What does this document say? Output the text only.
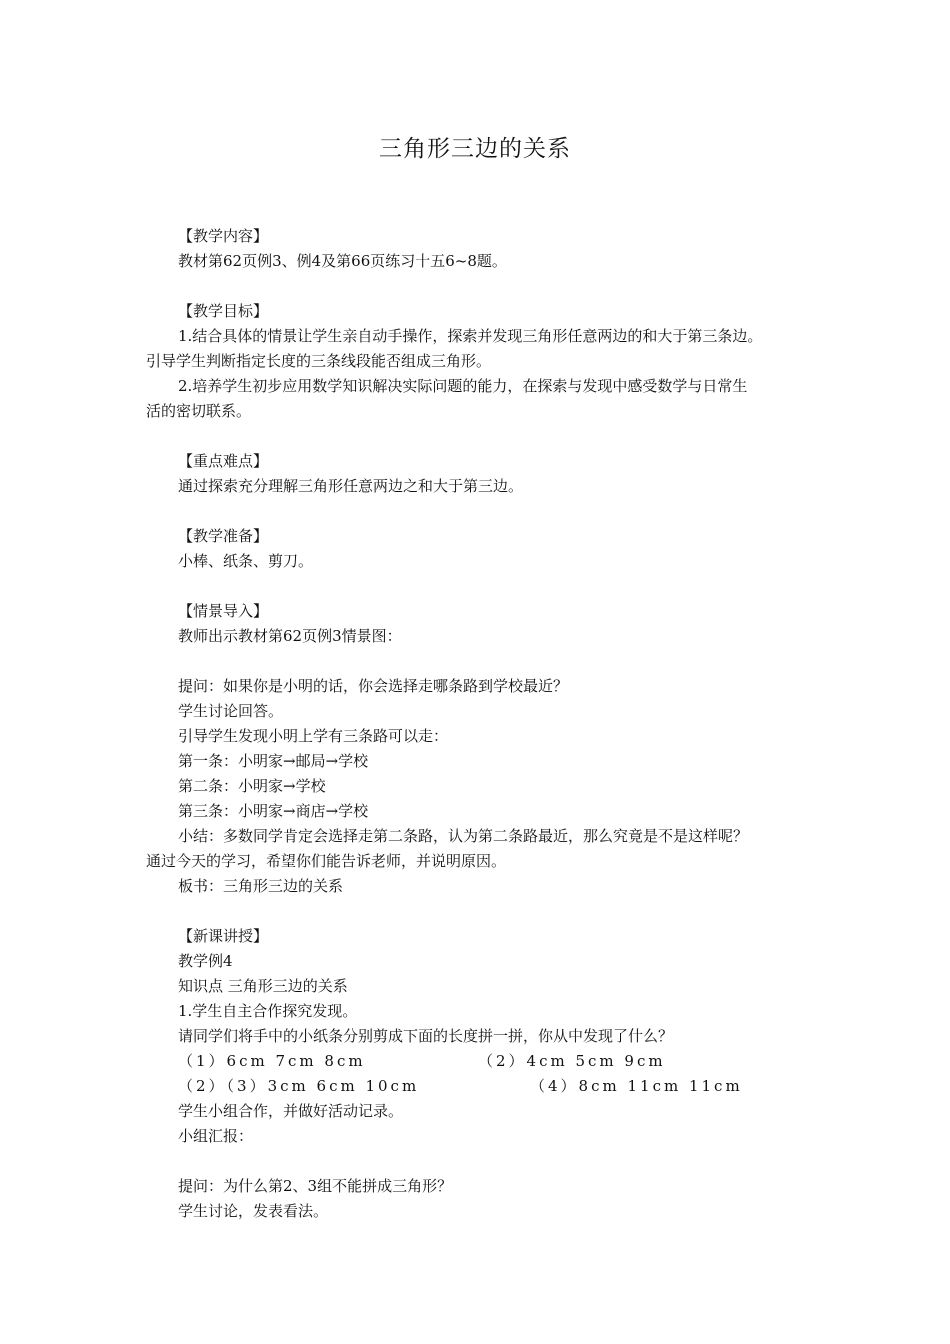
三角形三边的关系
【教学内容】
教材第62页例3、例4及第66页练习十五6~8题。
【教学目标】
1.结合具体的情景让学生亲自动手操作，探索并发现三角形任意两边的和大于第三条边。
引导学生判断指定长度的三条线段能否组成三角形。
2.培养学生初步应用数学知识解决实际问题的能力，在探索与发现中感受数学与日常生
活的密切联系。
【重点难点】
通过探索充分理解三角形任意两边之和大于第三边。
【教学准备】
小棒、纸条、剪刀。
【情景导入】
教师出示教材第62页例3情景图：
提问：如果你是小明的话，你会选择走哪条路到学校最近？
学生讨论回答。
引导学生发现小明上学有三条路可以走：
第一条：小明家→邮局→学校
第二条：小明家→学校
第三条：小明家→商店→学校
小结：多数同学肯定会选择走第二条路，认为第二条路最近，那么究竟是不是这样呢？
通过今天的学习，希望你们能告诉老师，并说明原因。
板书：三角形三边的关系
【新课讲授】
教学例4
知识点 三角形三边的关系
1.学生自主合作探究发现。
请同学们将手中的小纸条分别剪成下面的长度拼一拼，你从中发现了什么？
（1）6cm 7cm 8cm	（2）4cm 5cm 9cm
（2）（3）3cm 6cm 10cm	（4）8cm 11cm 11cm
学生小组合作，并做好活动记录。
小组汇报：
提问：为什么第2、3组不能拼成三角形？
学生讨论，发表看法。
